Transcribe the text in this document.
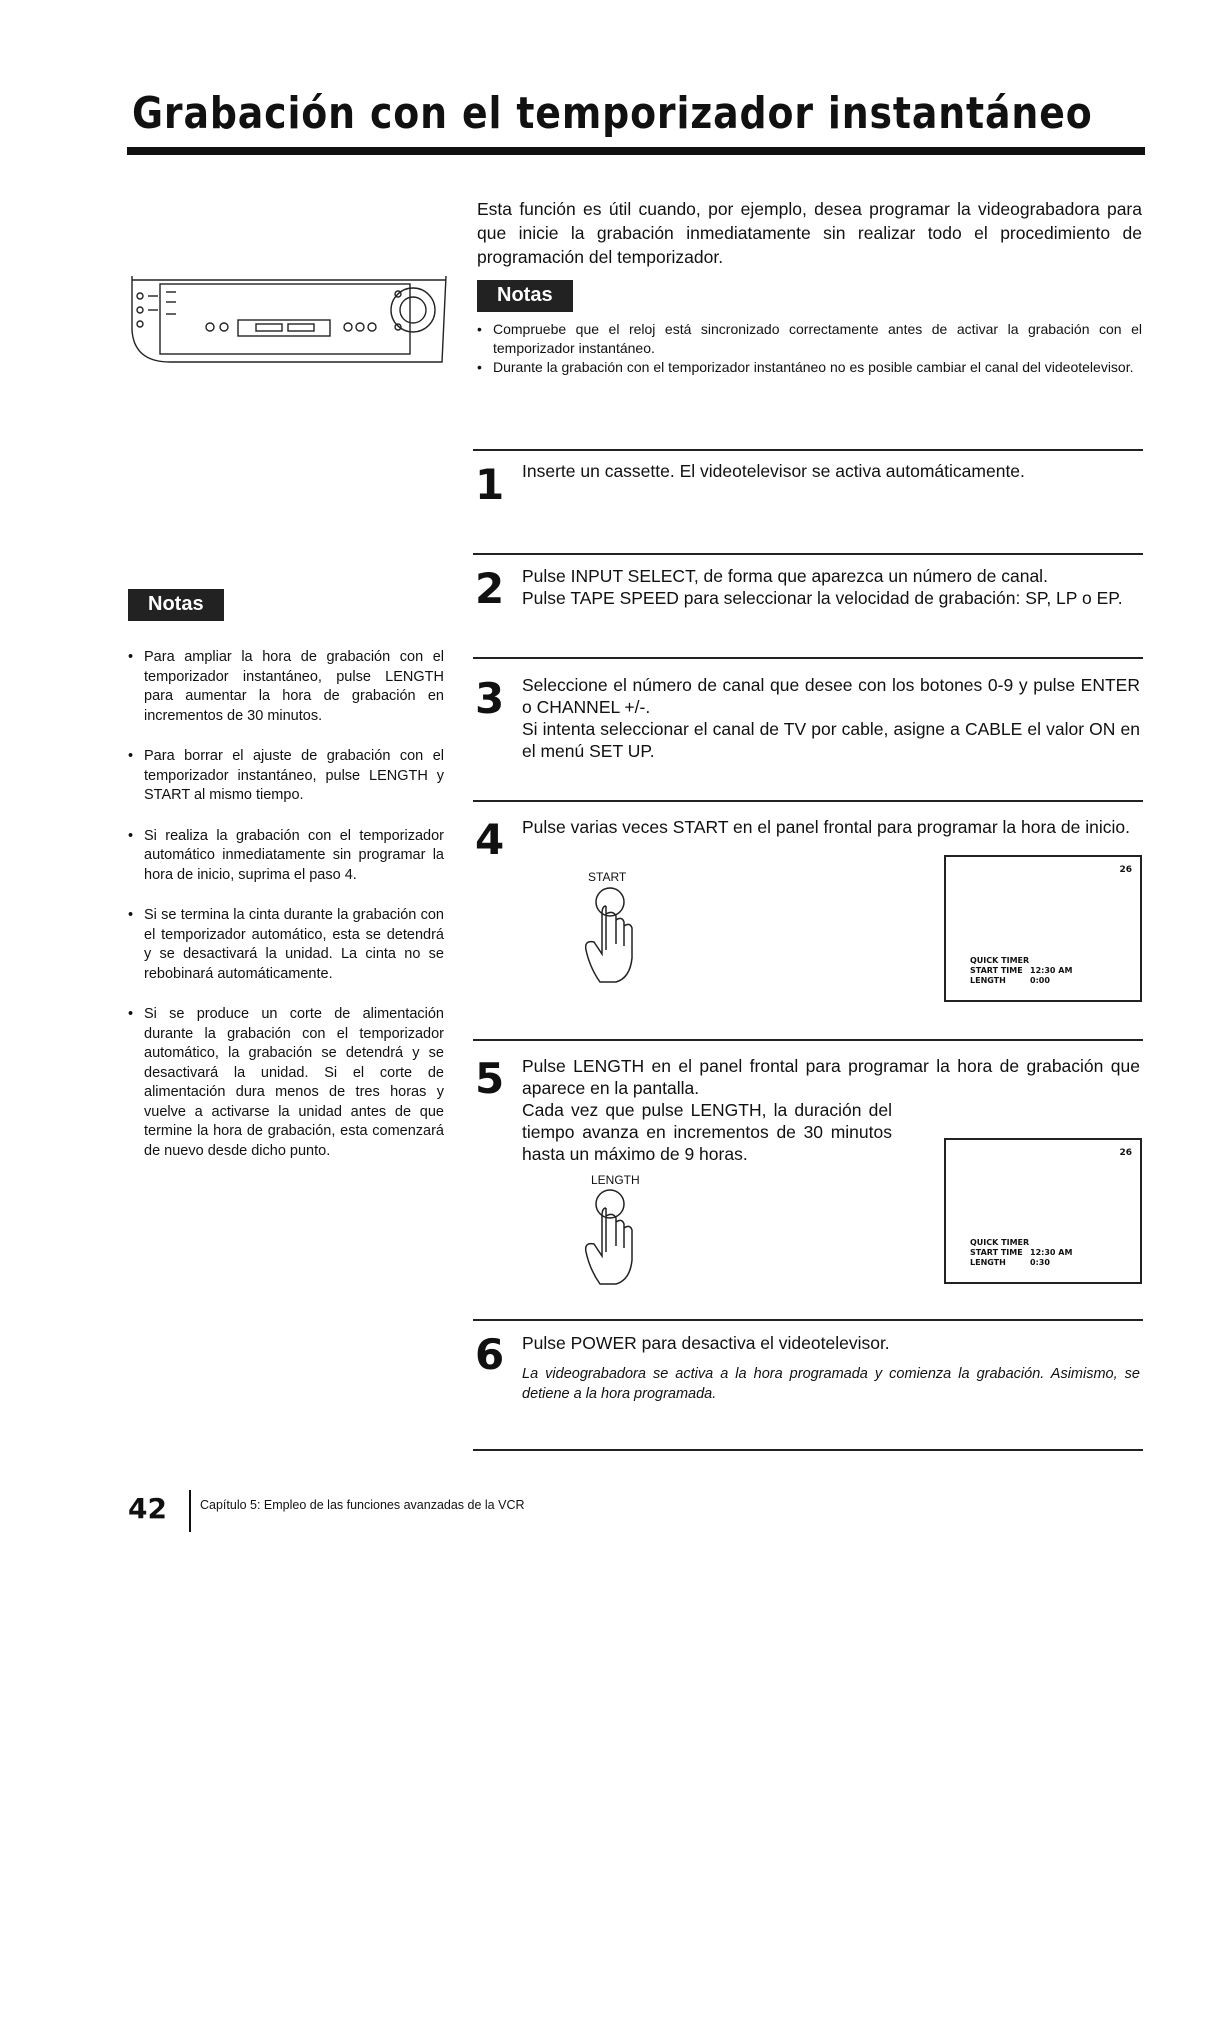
Grabación con el temporizador instantáneo

Esta función es útil cuando, por ejemplo, desea programar la videograbadora para que inicie la grabación inmediatamente sin realizar todo el procedimiento de programación del temporizador.

Notas
• Compruebe que el reloj está sincronizado correctamente antes de activar la grabación con el temporizador instantáneo.
• Durante la grabación con el temporizador instantáneo no es posible cambiar el canal del videotelevisor.
Notas
• Para ampliar la hora de grabación con el temporizador instantáneo, pulse LENGTH para aumentar la hora de grabación en incrementos de 30 minutos.
• Para borrar el ajuste de grabación con el temporizador instantáneo, pulse LENGTH y START al mismo tiempo.
• Si realiza la grabación con el temporizador automático inmediatamente sin programar la hora de inicio, suprima el paso 4.
• Si se termina la cinta durante la grabación con el temporizador automático, esta se detendrá y se desactivará la unidad. La cinta no se rebobinará automáticamente.
• Si se produce un corte de alimentación durante la grabación con el temporizador automático, la grabación se detendrá y se desactivará la unidad. Si el corte de alimentación dura menos de tres horas y vuelve a activarse la unidad antes de que termine la hora de grabación, esta comenzará de nuevo desde dicho punto.
1 Inserte un cassette. El videotelevisor se activa automáticamente.

2 Pulse INPUT SELECT, de forma que aparezca un número de canal.

Pulse TAPE SPEED para seleccionar la velocidad de grabación: SP, LP o EP.

3 Seleccione el número de canal que desee con los botones 0-9 y pulse ENTER o CHANNEL +/-.

Si intenta seleccionar el canal de TV por cable, asigne a CABLE el valor ON en el menú SET UP.

4 Pulse varias veces START en el panel frontal para programar la hora de inicio.

START	26
QUICK TIMER
START TIME 12:30 AM
LENGTH	0:00
5 Pulse LENGTH en el panel frontal para programar la hora de grabación que aparece en la pantalla.

Cada vez que pulse LENGTH, la duración del tiempo avanza en incrementos de 30 minutos hasta un máximo de 9 horas.

LENGTH
26
QUICK TIMER
START TIME 12:30 AM
LENGTH	0:30
6 Pulse POWER para desactiva el videotelevisor.

La videograbadora se activa a la hora programada y comienza la grabación. Asimismo, se detiene a la hora programada.

42	Capítulo 5: Empleo de las funciones avanzadas de la VCR
